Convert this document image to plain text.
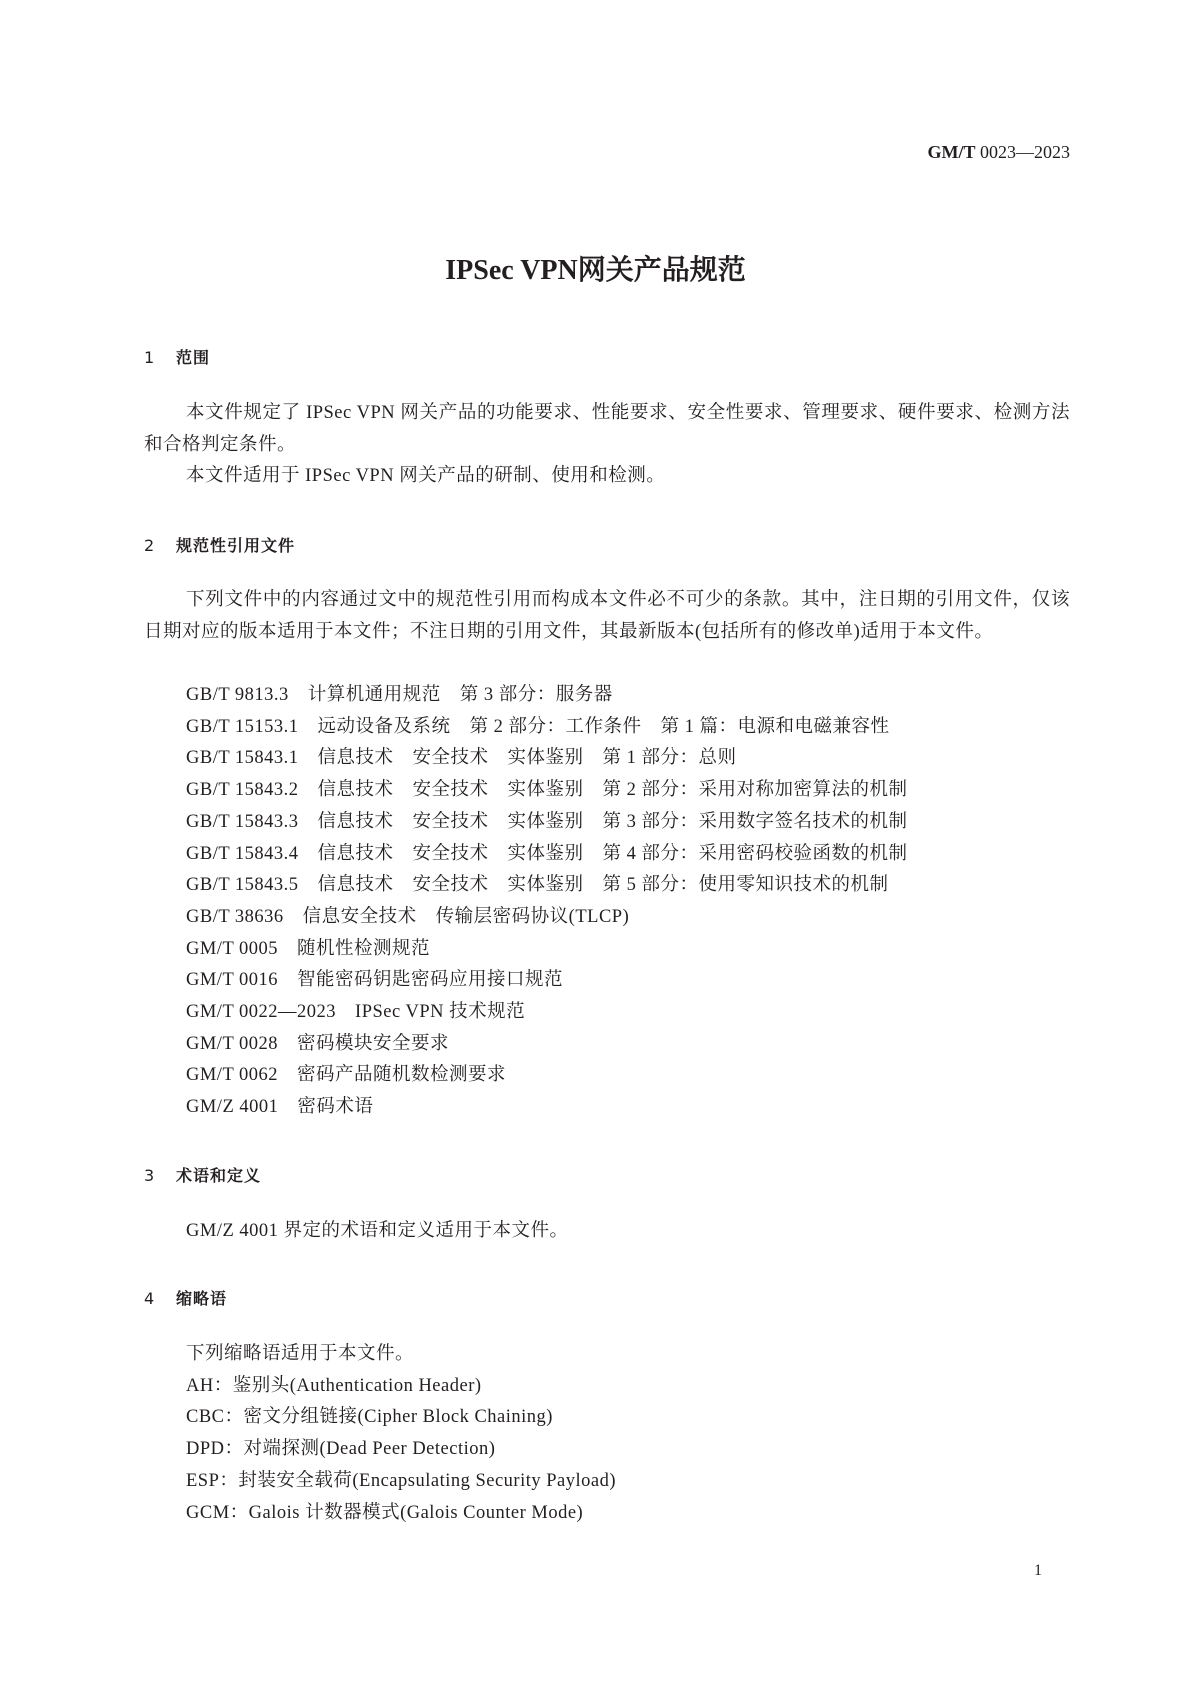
GM/T 0023—2023
IPSec VPN网关产品规范
1 范围

本文件规定了 IPSec VPN 网关产品的功能要求、性能要求、安全性要求、管理要求、硬件要求、检测方法和合格判定条件。

本文件适用于 IPSec VPN 网关产品的研制、使用和检测。

2 规范性引用文件

下列文件中的内容通过文中的规范性引用而构成本文件必不可少的条款。其中，注日期的引用文件，仅该日期对应的版本适用于本文件；不注日期的引用文件，其最新版本(包括所有的修改单)适用于本文件。

GB/T 9813.3　计算机通用规范　第 3 部分：服务器
GB/T 15153.1　远动设备及系统　第 2 部分：工作条件　第 1 篇：电源和电磁兼容性
GB/T 15843.1　信息技术　安全技术　实体鉴别　第 1 部分：总则
GB/T 15843.2　信息技术　安全技术　实体鉴别　第 2 部分：采用对称加密算法的机制
GB/T 15843.3　信息技术　安全技术　实体鉴别　第 3 部分：采用数字签名技术的机制
GB/T 15843.4　信息技术　安全技术　实体鉴别　第 4 部分：采用密码校验函数的机制
GB/T 15843.5　信息技术　安全技术　实体鉴别　第 5 部分：使用零知识技术的机制
GB/T 38636　信息安全技术　传输层密码协议(TLCP)
GM/T 0005　随机性检测规范
GM/T 0016　智能密码钥匙密码应用接口规范
GM/T 0022—2023　IPSec VPN 技术规范
GM/T 0028　密码模块安全要求
GM/T 0062　密码产品随机数检测要求
GM/Z 4001　密码术语
3 术语和定义

GM/Z 4001 界定的术语和定义适用于本文件。

4 缩略语
下列缩略语适用于本文件。
AH：鉴别头(Authentication Header)
CBC：密文分组链接(Cipher Block Chaining)
DPD：对端探测(Dead Peer Detection)
ESP：封装安全载荷(Encapsulating Security Payload)
GCM：Galois 计数器模式(Galois Counter Mode)
1
